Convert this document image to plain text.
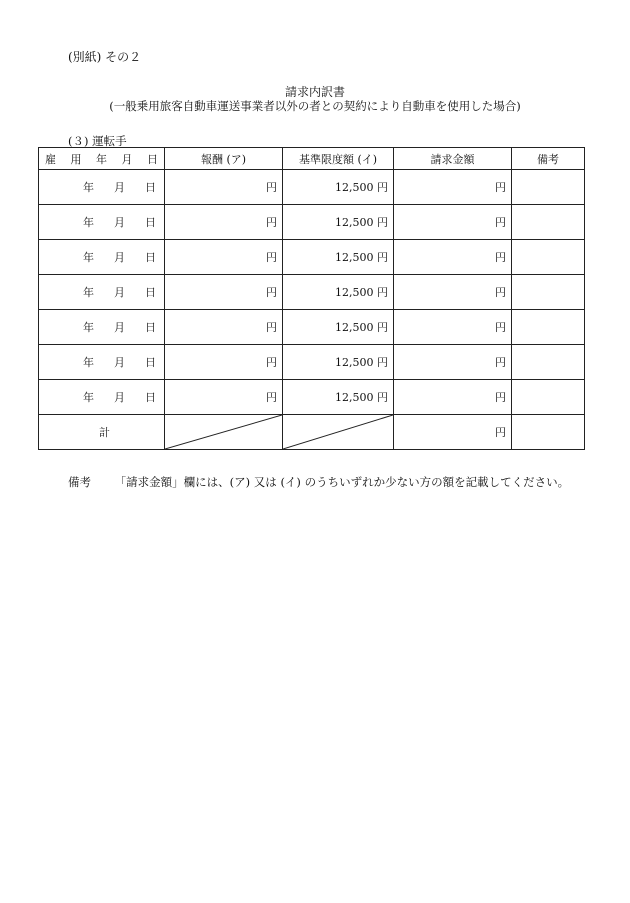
(別紙) その２
請求内訳書
(一般乗用旅客自動車運送事業者以外の者との契約により自動車を使用した場合)
(３) 運転手
雇 用 年 月 日	報酬 (ア)	基準限度額 (イ)	請求金額	備考

年 月 日	円	12,500 円	円	

年 月 日	円	12,500 円	円	

年 月 日	円	12,500 円	円	

年 月 日	円	12,500 円	円	

年 月 日	円	12,500 円	円	

年 月 日	円	12,500 円	円	

年 月 日	円	12,500 円	円	
計			円	
備考 「請求金額」欄には、(ア) 又は (イ) のうちいずれか少ない方の額を記載してください。
